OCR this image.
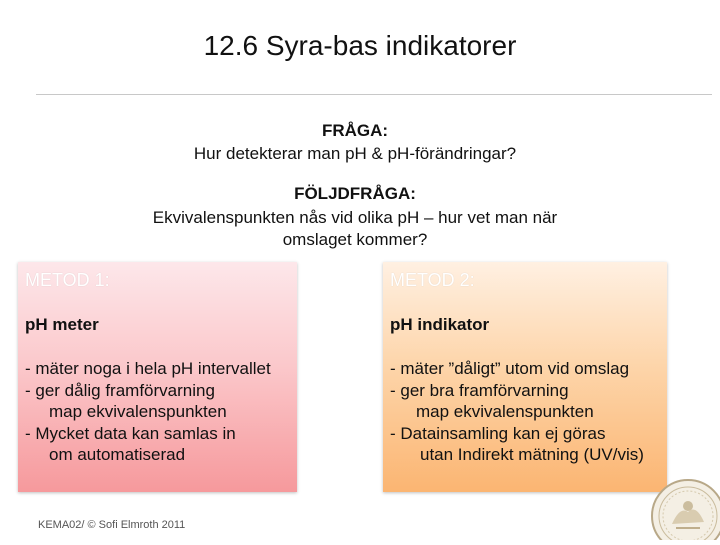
12.6 Syra-bas indikatorer
FRÅGA:
Hur detekterar man pH & pH-förändringar?
FÖLJDFRÅGA:
Ekvivalenspunkten nås vid olika pH – hur vet man när
omslaget kommer?
METOD 1:
pH meter
- mäter noga i hela pH intervallet
- ger dålig framförvarning
map ekvivalenspunkten
- Mycket data kan samlas in
om automatiserad
METOD 2:
pH indikator
- mäter ”dåligt” utom vid omslag
- ger bra framförvarning
map ekvivalenspunkten
- Datainsamling kan ej göras
utan Indirekt mätning (UV/vis)
KEMA02/ © Sofi Elmroth 2011
